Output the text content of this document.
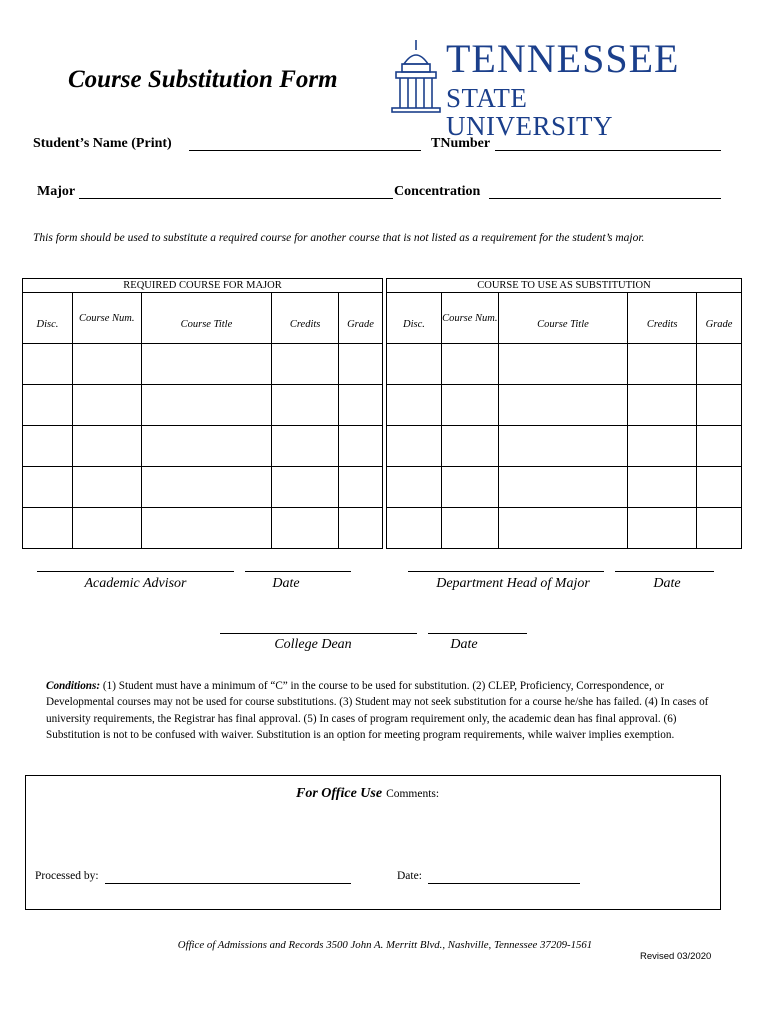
Course Substitution Form	TENNESSEE
STATE UNIVERSITY
Student’s Name (Print)	TNumber
Major	Concentration
This form should be used to substitute a required course for another course that is not listed as a requirement for the student’s major.
REQUIRED COURSE FOR MAJOR				
Disc.	Course Num.	Course Title	Credits	Grade

COURSE TO USE AS SUBSTITUTION				
Disc.	Course Num.	Course Title	Credits	Grade

Academic Advisor	Date	Department Head of Major	Date
College Dean	Date
Conditions: (1) Student must have a minimum of “C” in the course to be used for substitution. (2) CLEP, Proficiency, Correspondence, or Developmental courses may not be used for course substitutions. (3) Student may not seek substitution for a course he/she has failed. (4) In cases of university requirements, the Registrar has final approval. (5) In cases of program requirement only, the academic dean has final approval. (6) Substitution is not to be confused with waiver. Substitution is an option for meeting program requirements, while waiver implies exemption.
For Office Use Comments:
Processed by:	Date:
Office of Admissions and Records 3500 John A. Merritt Blvd., Nashville, Tennessee 37209-1561
Revised 03/2020
